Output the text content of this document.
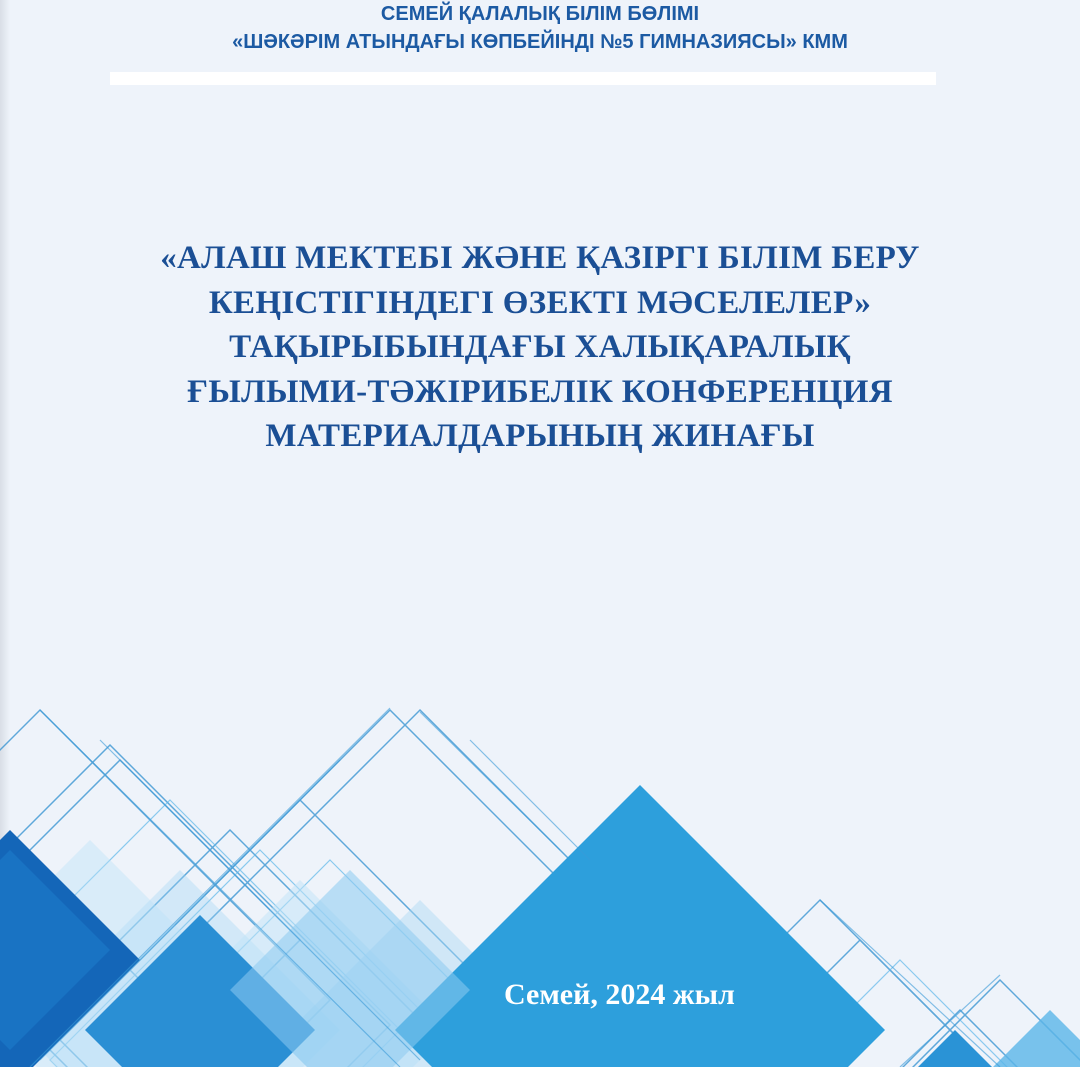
СЕМЕЙ ҚАЛАЛЫҚ БІЛІМ БӨЛІМІ
«ШӘКӘРІМ АТЫНДАҒЫ КӨПБЕЙІНДІ №5 ГИМНАЗИЯСЫ» КММ
«АЛАШ МЕКТЕБІ ЖӘНЕ ҚАЗІРГІ БІЛІМ БЕРУ
КЕҢІСТІГІНДЕГІ ӨЗЕКТІ МӘСЕЛЕЛЕР»
ТАҚЫРЫБЫНДАҒЫ ХАЛЫҚАРАЛЫҚ
ҒЫЛЫМИ-ТӘЖІРИБЕЛІК КОНФЕРЕНЦИЯ
МАТЕРИАЛДАРЫНЫҢ ЖИНАҒЫ
Семей, 2024 жыл
